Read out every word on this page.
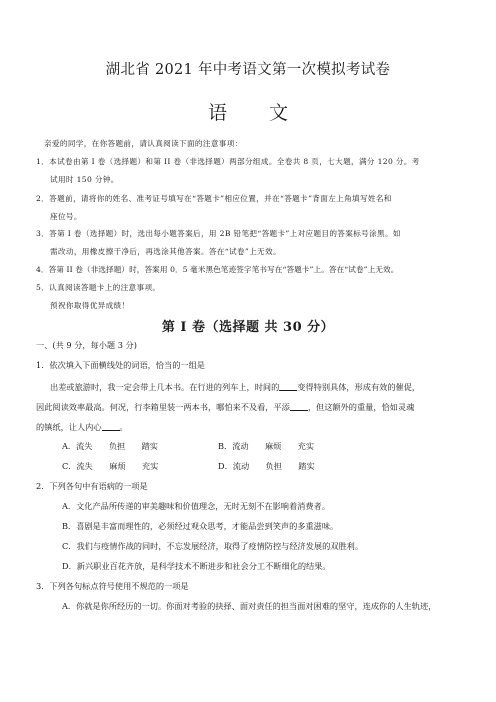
湖北省 2021 年中考语文第一次模拟考试卷
语 文
亲爱的同学，在你答题前，请认真阅读下面的注意事项：
1．本试卷由第 I 卷（选择题）和第 II 卷（非选择题）两部分组成。全卷共 8 页，七大题，满分 120 分。考
试用时 150 分钟。
2．答题前，请将你的姓名、准考证号填写在“答题卡”相应位置，并在“答题卡”背面左上角填写姓名和
座位号。
3．答第 I 卷（选择题）时，选出每小题答案后，用 2B 铅笔把“答题卡”上对应题目的答案标号涂黑。如
需改动，用橡皮擦干净后，再选涂其他答案。答在“试卷”上无效。
4．答第 II 卷（非选择题）时，答案用 0．5 毫米黑色笔迹签字笔书写在“答题卡”上。答在“试卷”上无效。
5．认真阅读答题卡上的注意事项。
预祝你取得优异成绩！
第 I 卷（选择题 共 30 分）
一、(共 9 分，每小题 3 分)
1．依次填入下面横线处的词语，恰当的一组是
出差或旅游时，我一定会带上几本书。在行进的列车上，时间的 变得特别具体，形成有效的催促，
因此阅读效率最高。何况，行李箱里装一两本书，哪怕来不及看，平添 ，但这额外的重量，恰如灵魂
的镇纸，让人内心 。
A．流失　　负担　　踏实	B．流动　　麻烦　　充实
C．流失　　麻烦　　充实	D．流动　　负担　　踏实
2．下列各句中有语病的一项是
A．文化产品所传递的审美趣味和价值理念，无时无刻不在影响着消费者。
B．喜剧是丰富而理性的，必须经过观众思考，才能品尝到笑声的多重滋味。
C．我们与疫情作战的同时，不忘发展经济，取得了疫情防控与经济发展的双胜利。
D．新兴职业百花齐放，是科学技术不断进步和社会分工不断细化的结果。
3．下列各句标点符号使用不规范的一项是
A．你就是你所经历的一切。你面对考验的抉择、面对责任的担当面对困难的坚守，连成你的人生轨迹，
